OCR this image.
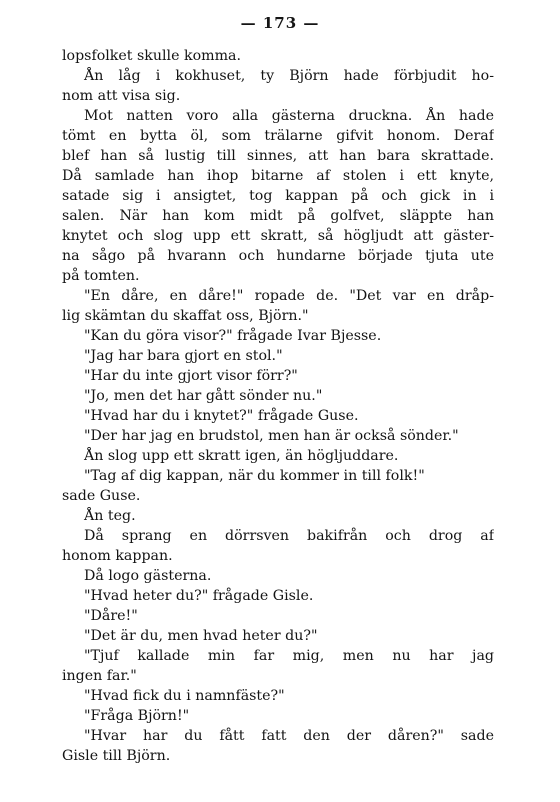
— 173 —
lopsfolket skulle komma.
Ån låg i kokhuset, ty Björn hade förbjudit ho-
nom att visa sig.
Mot natten voro alla gästerna druckna. Ån hade
tömt en bytta öl, som trälarne gifvit honom. Deraf
blef han så lustig till sinnes, att han bara skrattade.
Då samlade han ihop bitarne af stolen i ett knyte,
satade sig i ansigtet, tog kappan på och gick in i
salen. När han kom midt på golfvet, släppte han
knytet och slog upp ett skratt, så högljudt att gäster-
na sågo på hvarann och hundarne började tjuta ute
på tomten.
"En dåre, en dåre!" ropade de. "Det var en dråp-
lig skämtan du skaffat oss, Björn."
"Kan du göra visor?" frågade Ivar Bjesse.
"Jag har bara gjort en stol."
"Har du inte gjort visor förr?"
"Jo, men det har gått sönder nu."
"Hvad har du i knytet?" frågade Guse.
"Der har jag en brudstol, men han är också sönder."
Ån slog upp ett skratt igen, än högljuddare.
"Tag af dig kappan, när du kommer in till folk!"
sade Guse.
Ån teg.
Då sprang en dörrsven bakifrån och drog af
honom kappan.
Då logo gästerna.
"Hvad heter du?" frågade Gisle.
"Dåre!"
"Det är du, men hvad heter du?"
"Tjuf kallade min far mig, men nu har jag
ingen far."
"Hvad fick du i namnfäste?"
"Fråga Björn!"
"Hvar har du fått fatt den der dåren?" sade
Gisle till Björn.
